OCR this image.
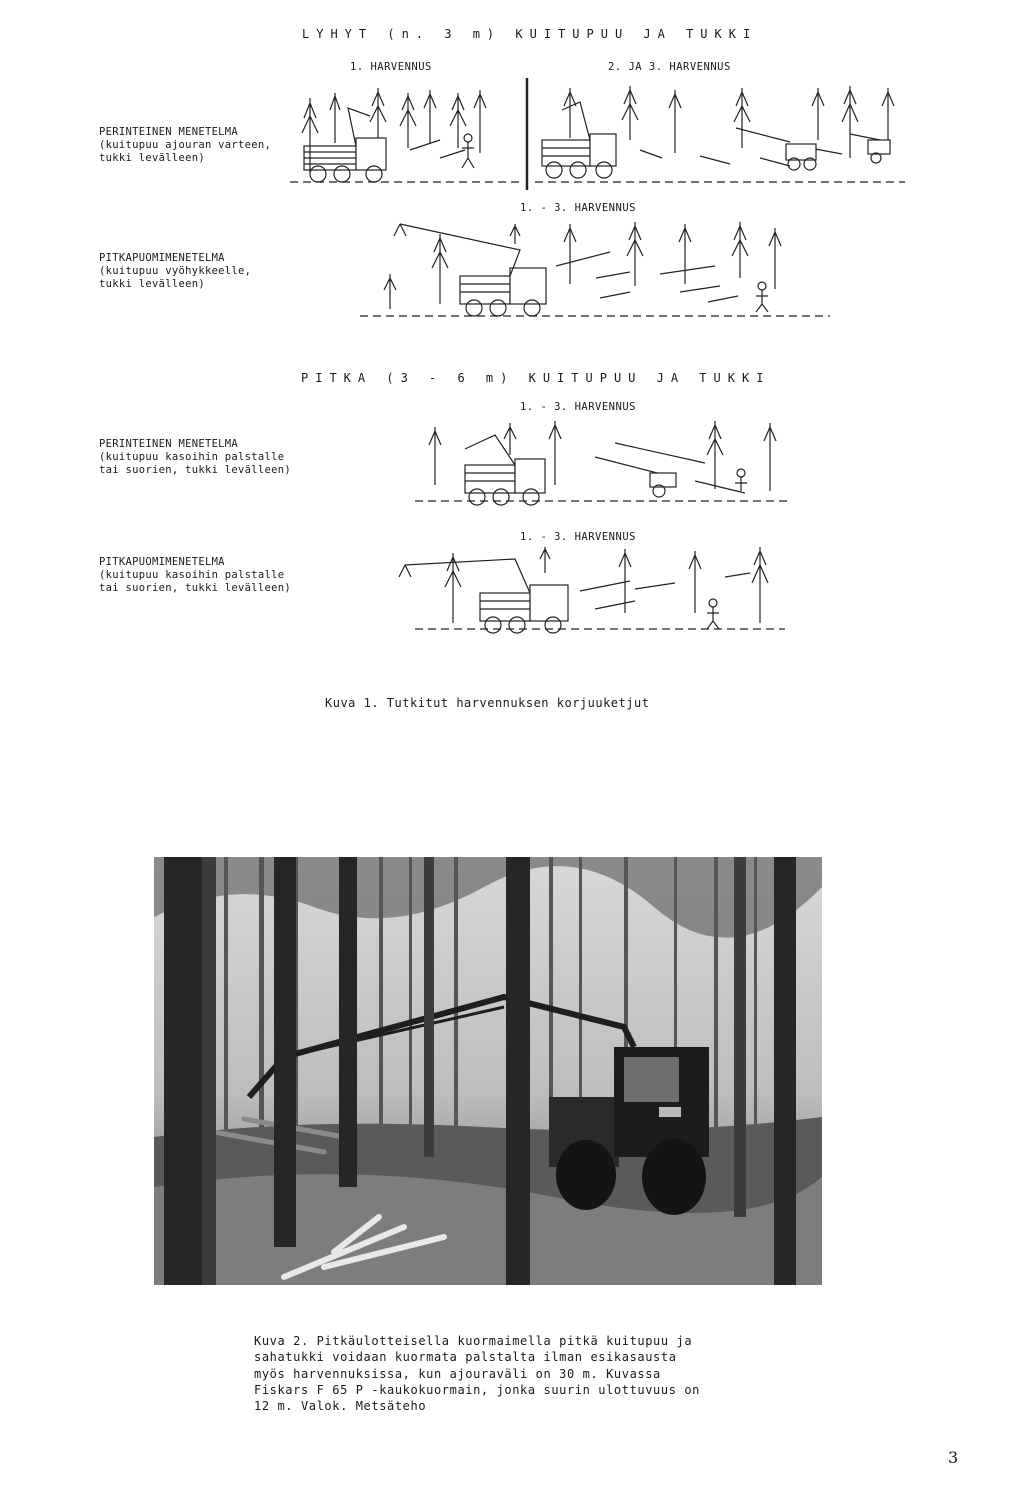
LYHYT (n. 3 m) KUITUPUU JA TUKKI
1. HARVENNUS	2. JA 3. HARVENNUS
1. - 3. HARVENNUS
PERINTEINEN MENETELMA
(kuitupuu ajouran varteen,
tukki levälleen)
PITKAPUOMIMENETELMA
(kuitupuu vyöhykkeelle,
tukki levälleen)
PITKA (3 - 6 m) KUITUPUU JA TUKKI
1. - 3. HARVENNUS
1. - 3. HARVENNUS
PERINTEINEN MENETELMA
(kuitupuu kasoihin palstalle
tai suorien, tukki levälleen)
PITKAPUOMIMENETELMA
(kuitupuu kasoihin palstalle
tai suorien, tukki levälleen)
Kuva 1. Tutkitut harvennuksen korjuuketjut
Kuva 2. Pitkäulotteisella kuormaimella pitkä kuitupuu ja
sahatukki voidaan kuormata palstalta ilman esikasausta
myös harvennuksissa, kun ajouraväli on 30 m. Kuvassa
Fiskars F 65 P -kaukokuormain, jonka suurin ulottuvuus on
12 m. Valok. Metsäteho
3
